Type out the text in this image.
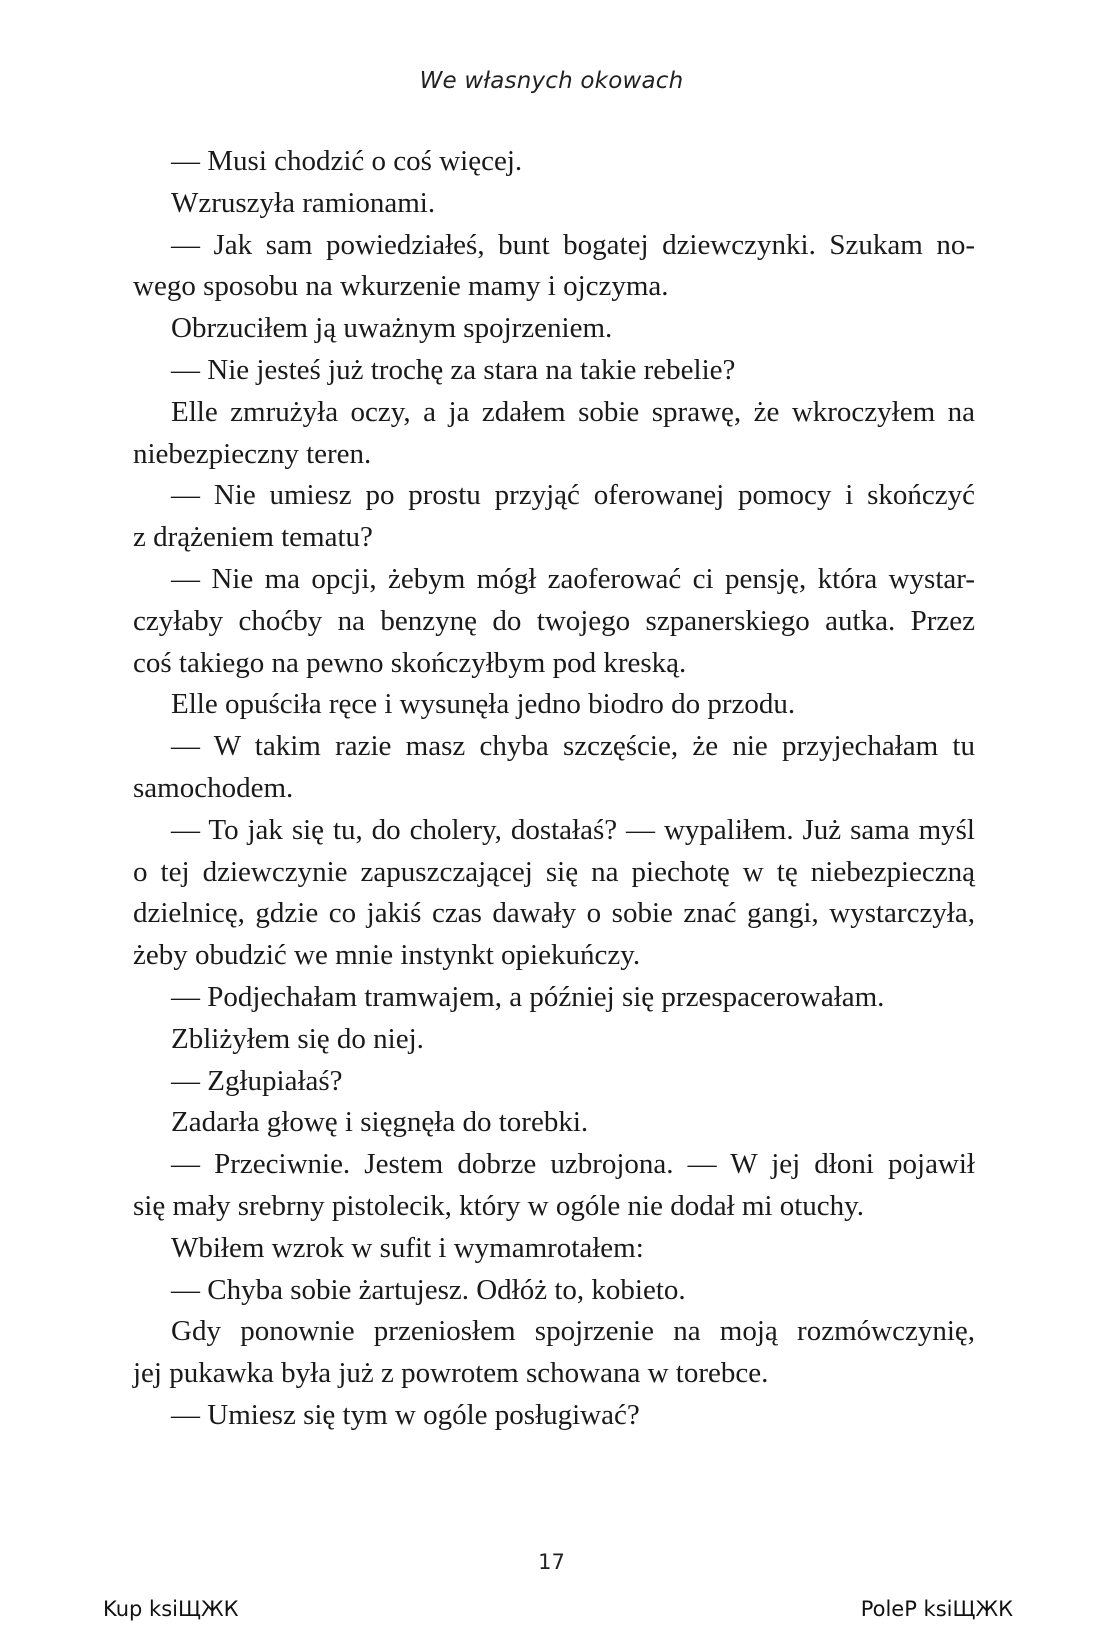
We własnych okowach
— Musi chodzić o coś więcej.
Wzruszyła ramionami.
— Jak sam powiedziałeś, bunt bogatej dziewczynki. Szukam no-
wego sposobu na wkurzenie mamy i ojczyma.
Obrzuciłem ją uważnym spojrzeniem.
— Nie jesteś już trochę za stara na takie rebelie?
Elle zmrużyła oczy, a ja zdałem sobie sprawę, że wkroczyłem na
niebezpieczny teren.
— Nie umiesz po prostu przyjąć oferowanej pomocy i skończyć
z drążeniem tematu?
— Nie ma opcji, żebym mógł zaoferować ci pensję, która wystar-
czyłaby choćby na benzynę do twojego szpanerskiego autka. Przez
coś takiego na pewno skończyłbym pod kreską.
Elle opuściła ręce i wysunęła jedno biodro do przodu.
— W takim razie masz chyba szczęście, że nie przyjechałam tu
samochodem.
— To jak się tu, do cholery, dostałaś? — wypaliłem. Już sama myśl
o tej dziewczynie zapuszczającej się na piechotę w tę niebezpieczną
dzielnicę, gdzie co jakiś czas dawały o sobie znać gangi, wystarczyła,
żeby obudzić we mnie instynkt opiekuńczy.
— Podjechałam tramwajem, a później się przespacerowałam.
Zbliżyłem się do niej.
— Zgłupiałaś?
Zadarła głowę i sięgnęła do torebki.
— Przeciwnie. Jestem dobrze uzbrojona. — W jej dłoni pojawił
się mały srebrny pistolecik, który w ogóle nie dodał mi otuchy.
Wbiłem wzrok w sufit i wymamrotałem:
— Chyba sobie żartujesz. Odłóż to, kobieto.
Gdy ponownie przeniosłem spojrzenie na moją rozmówczynię,
jej pukawka była już z powrotem schowana w torebce.
— Umiesz się tym w ogóle posługiwać?
17
Kup ksiЩЖК	PoleP ksiЩЖК
